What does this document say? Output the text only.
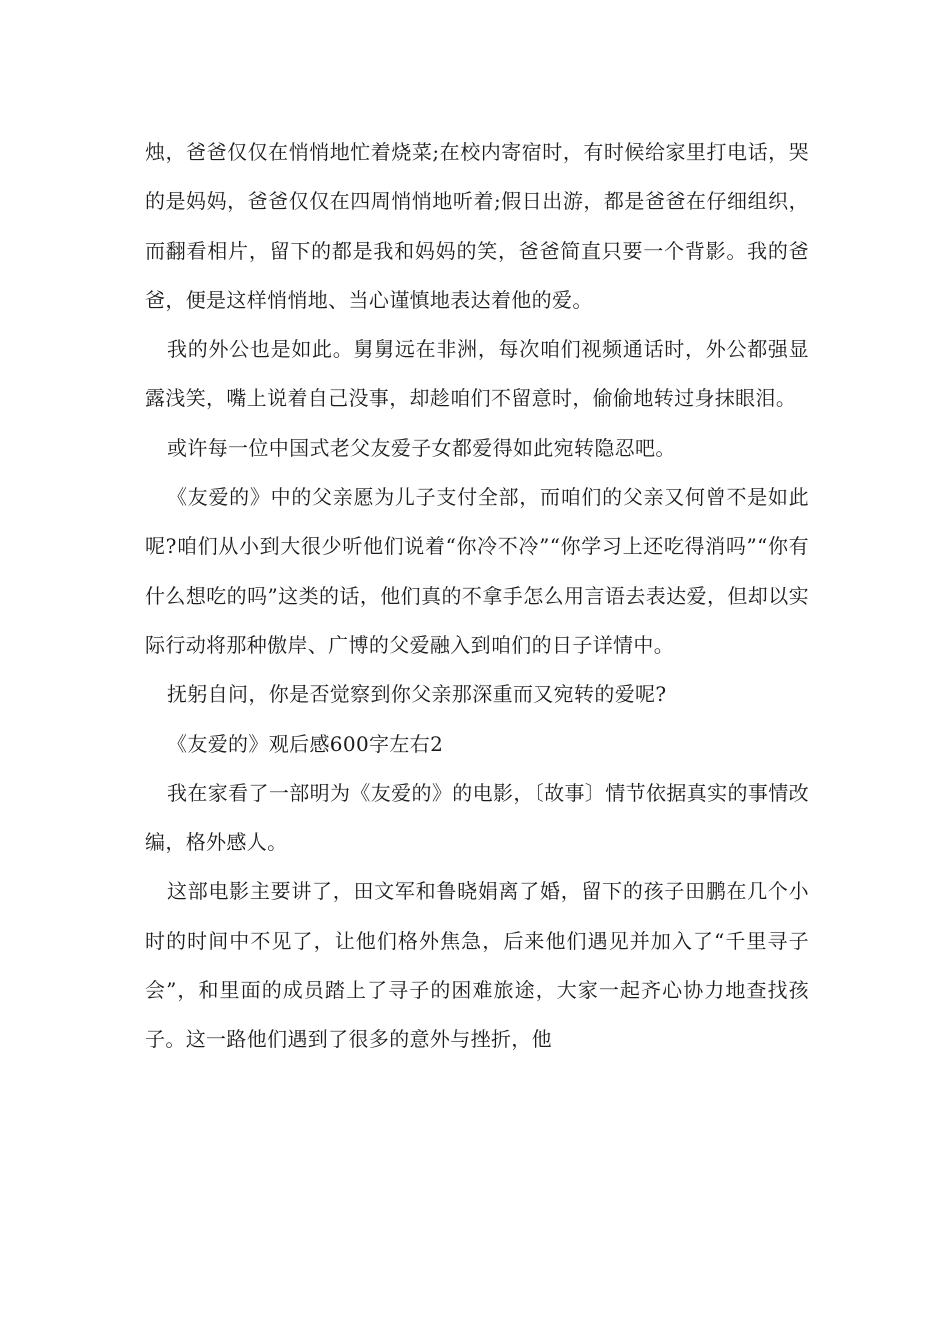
烛，爸爸仅仅在悄悄地忙着烧菜;在校内寄宿时，有时候给家里打电话，哭的是妈妈，爸爸仅仅在四周悄悄地听着;假日出游，都是爸爸在仔细组织，而翻看相片，留下的都是我和妈妈的笑，爸爸简直只要一个背影。我的爸爸，便是这样悄悄地、当心谨慎地表达着他的爱。

我的外公也是如此。舅舅远在非洲，每次咱们视频通话时，外公都强显露浅笑，嘴上说着自己没事，却趁咱们不留意时，偷偷地转过身抹眼泪。

或许每一位中国式老父友爱子女都爱得如此宛转隐忍吧。

《友爱的》中的父亲愿为儿子支付全部，而咱们的父亲又何曾不是如此呢?咱们从小到大很少听他们说着“你冷不冷”“你学习上还吃得消吗”“你有什么想吃的吗”这类的话，他们真的不拿手怎么用言语去表达爱，但却以实际行动将那种傲岸、广博的父爱融入到咱们的日子详情中。

抚躬自问，你是否觉察到你父亲那深重而又宛转的爱呢?

《友爱的》观后感600字左右2

我在家看了一部明为《友爱的》的电影，〔故事〕情节依据真实的事情改编，格外感人。

这部电影主要讲了，田文军和鲁晓娟离了婚，留下的孩子田鹏在几个小时的时间中不见了，让他们格外焦急，后来他们遇见并加入了“千里寻子会”，和里面的成员踏上了寻子的困难旅途，大家一起齐心协力地查找孩子。这一路他们遇到了很多的意外与挫折，他
